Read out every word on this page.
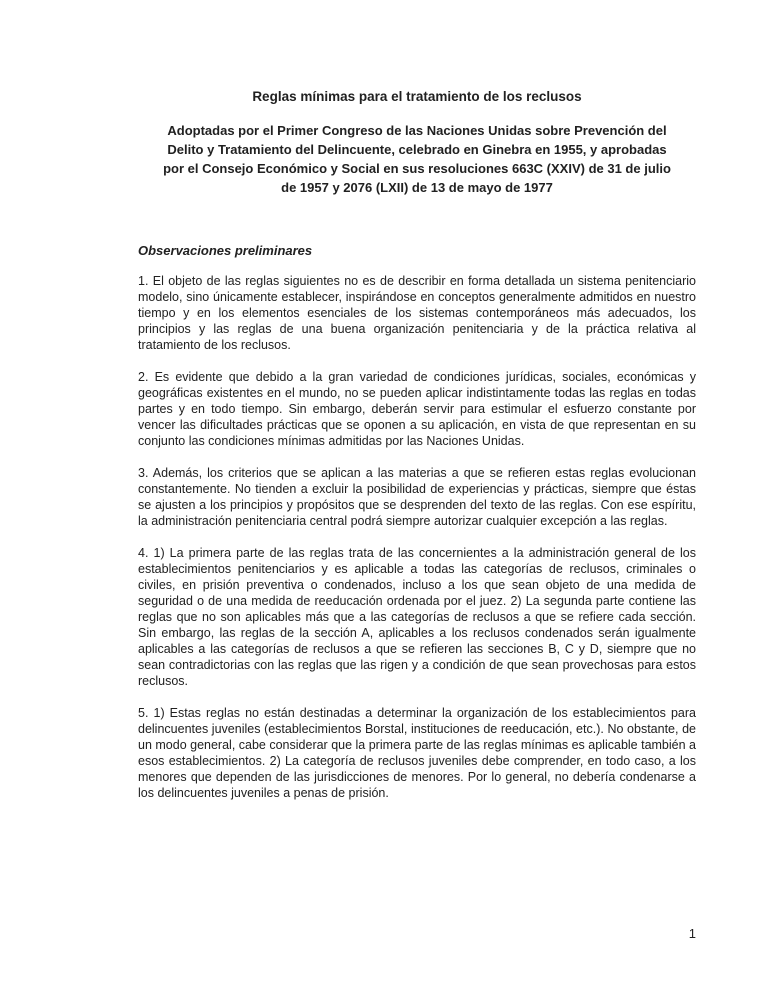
Reglas mínimas para el tratamiento de los reclusos
Adoptadas por el Primer Congreso de las Naciones Unidas sobre Prevención del
Delito y Tratamiento del Delincuente, celebrado en Ginebra en 1955, y aprobadas
por el Consejo Económico y Social en sus resoluciones 663C (XXIV) de 31 de julio
de 1957 y 2076 (LXII) de 13 de mayo de 1977
Observaciones preliminares

1. El objeto de las reglas siguientes no es de describir en forma detallada un sistema penitenciario modelo, sino únicamente establecer, inspirándose en conceptos generalmente admitidos en nuestro tiempo y en los elementos esenciales de los sistemas contemporáneos más adecuados, los principios y las reglas de una buena organización penitenciaria y de la práctica relativa al tratamiento de los reclusos.

2. Es evidente que debido a la gran variedad de condiciones jurídicas, sociales, económicas y geográficas existentes en el mundo, no se pueden aplicar indistintamente todas las reglas en todas partes y en todo tiempo. Sin embargo, deberán servir para estimular el esfuerzo constante por vencer las dificultades prácticas que se oponen a su aplicación, en vista de que representan en su conjunto las condiciones mínimas admitidas por las Naciones Unidas.

3. Además, los criterios que se aplican a las materias a que se refieren estas reglas evolucionan constantemente. No tienden a excluir la posibilidad de experiencias y prácticas, siempre que éstas se ajusten a los principios y propósitos que se desprenden del texto de las reglas. Con ese espíritu, la administración penitenciaria central podrá siempre autorizar cualquier excepción a las reglas.

4. 1) La primera parte de las reglas trata de las concernientes a la administración general de los establecimientos penitenciarios y es aplicable a todas las categorías de reclusos, criminales o civiles, en prisión preventiva o condenados, incluso a los que sean objeto de una medida de seguridad o de una medida de reeducación ordenada por el juez. 2) La segunda parte contiene las reglas que no son aplicables más que a las categorías de reclusos a que se refiere cada sección. Sin embargo, las reglas de la sección A, aplicables a los reclusos condenados serán igualmente aplicables a las categorías de reclusos a que se refieren las secciones B, C y D, siempre que no sean contradictorias con las reglas que las rigen y a condición de que sean provechosas para estos reclusos.

5. 1) Estas reglas no están destinadas a determinar la organización de los establecimientos para delincuentes juveniles (establecimientos Borstal, instituciones de reeducación, etc.). No obstante, de un modo general, cabe considerar que la primera parte de las reglas mínimas es aplicable también a esos establecimientos. 2) La categoría de reclusos juveniles debe comprender, en todo caso, a los menores que dependen de las jurisdicciones de menores. Por lo general, no debería condenarse a los delincuentes juveniles a penas de prisión.

1
